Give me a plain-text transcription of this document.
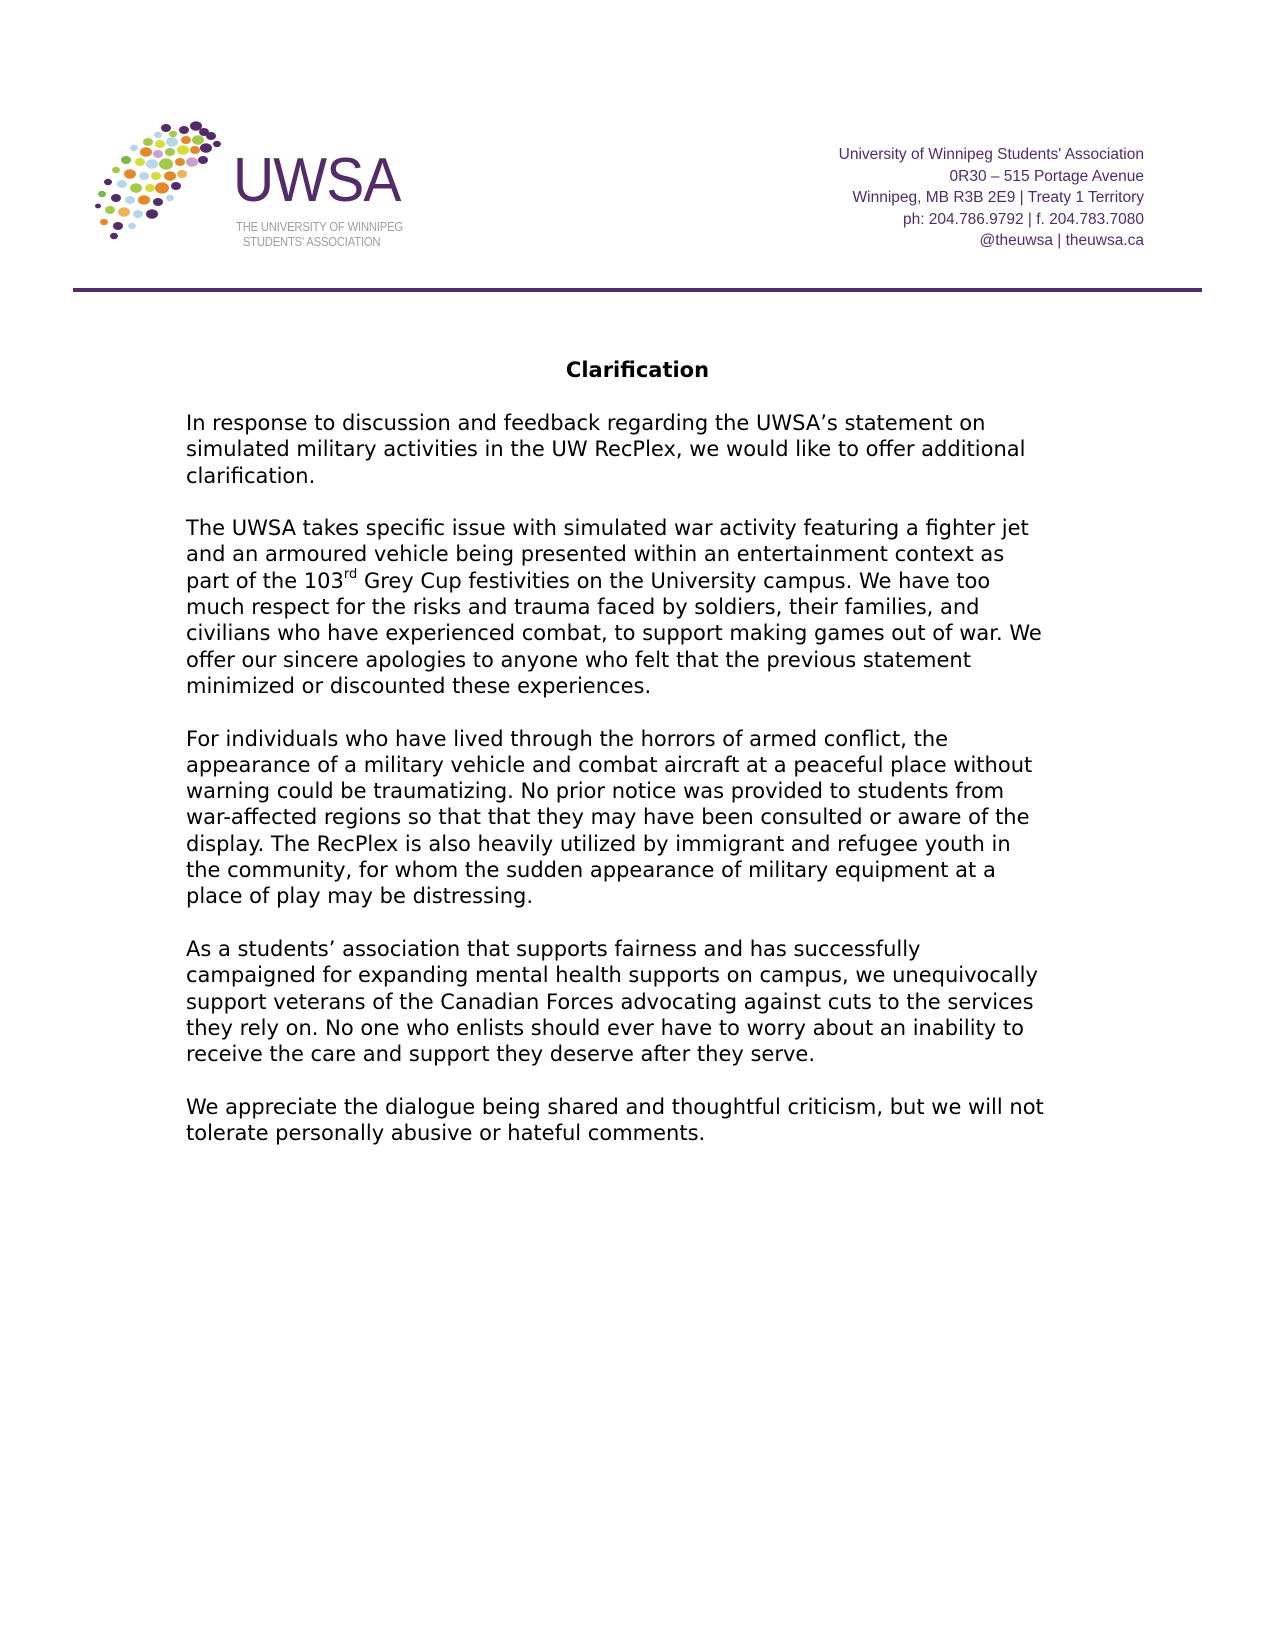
UWSA
THE UNIVERSITY OF WINNIPEG
STUDENTS' ASSOCIATION
University of Winnipeg Students' Association
0R30 – 515 Portage Avenue
Winnipeg, MB R3B 2E9 | Treaty 1 Territory
ph: 204.786.9792 | f. 204.783.7080
@theuwsa | theuwsa.ca
Clarification

In response to discussion and feedback regarding the UWSA’s statement on
simulated military activities in the UW RecPlex, we would like to offer additional
clarification.

The UWSA takes specific issue with simulated war activity featuring a fighter jet
and an armoured vehicle being presented within an entertainment context as
part of the 103rd Grey Cup festivities on the University campus. We have too
much respect for the risks and trauma faced by soldiers, their families, and
civilians who have experienced combat, to support making games out of war. We
offer our sincere apologies to anyone who felt that the previous statement
minimized or discounted these experiences.

For individuals who have lived through the horrors of armed conflict, the
appearance of a military vehicle and combat aircraft at a peaceful place without
warning could be traumatizing. No prior notice was provided to students from
war-affected regions so that that they may have been consulted or aware of the
display. The RecPlex is also heavily utilized by immigrant and refugee youth in
the community, for whom the sudden appearance of military equipment at a
place of play may be distressing.

As a students’ association that supports fairness and has successfully
campaigned for expanding mental health supports on campus, we unequivocally
support veterans of the Canadian Forces advocating against cuts to the services
they rely on. No one who enlists should ever have to worry about an inability to
receive the care and support they deserve after they serve.

We appreciate the dialogue being shared and thoughtful criticism, but we will not
tolerate personally abusive or hateful comments.
